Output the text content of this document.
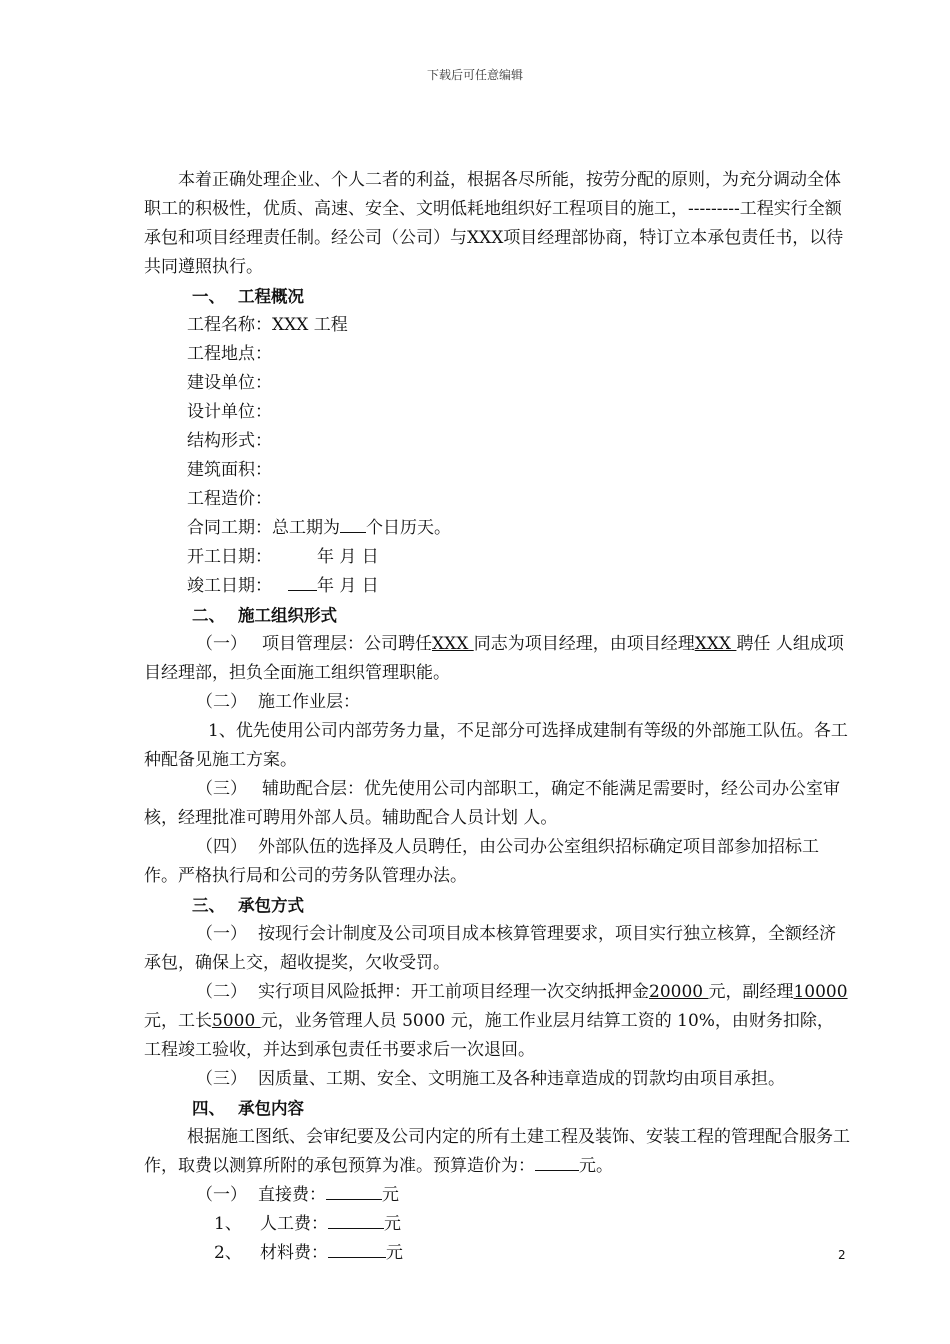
下载后可任意编辑

本着正确处理企业、个人二者的利益，根据各尽所能，按劳分配的原则，为充分调动全体职工的积极性，优质、高速、安全、文明低耗地组织好工程项目的施工，---------工程实行全额承包和项目经理责任制。经公司（公司）与XXX项目经理部协商，特订立本承包责任书，以待共同遵照执行。

一、 工程概况

工程名称：XXX 工程

工程地点：

建设单位：

设计单位：

结构形式：

建筑面积：

工程造价：

合同工期：总工期为 个日历天。

开工日期：	年 月 日

竣工日期：	年 月 日

二、 施工组织形式

（一） 项目管理层：公司聘任XXX 同志为项目经理，由项目经理XXX 聘任 人组成项目经理部，担负全面施工组织管理职能。

（二） 施工作业层：

1、优先使用公司内部劳务力量，不足部分可选择成建制有等级的外部施工队伍。各工种配备见施工方案。

（三） 辅助配合层：优先使用公司内部职工，确定不能满足需要时，经公司办公室审核，经理批准可聘用外部人员。辅助配合人员计划 人。

（四） 外部队伍的选择及人员聘任，由公司办公室组织招标确定项目部参加招标工作。严格执行局和公司的劳务队管理办法。

三、 承包方式

（一） 按现行会计制度及公司项目成本核算管理要求，项目实行独立核算，全额经济承包，确保上交，超收提奖，欠收受罚。

（二） 实行项目风险抵押：开工前项目经理一次交纳抵押金20000 元，副经理10000 元，工长5000 元，业务管理人员 5000 元，施工作业层月结算工资的 10%，由财务扣除，工程竣工验收，并达到承包责任书要求后一次退回。

（三） 因质量、工期、安全、文明施工及各种违章造成的罚款均由项目承担。

四、 承包内容

根据施工图纸、会审纪要及公司内定的所有土建工程及装饰、安装工程的管理配合服务工作，取费以测算所附的承包预算为准。预算造价为：	元。

（一） 直接费：	元

1、 人工费：	元

2、 材料费：	元	2
